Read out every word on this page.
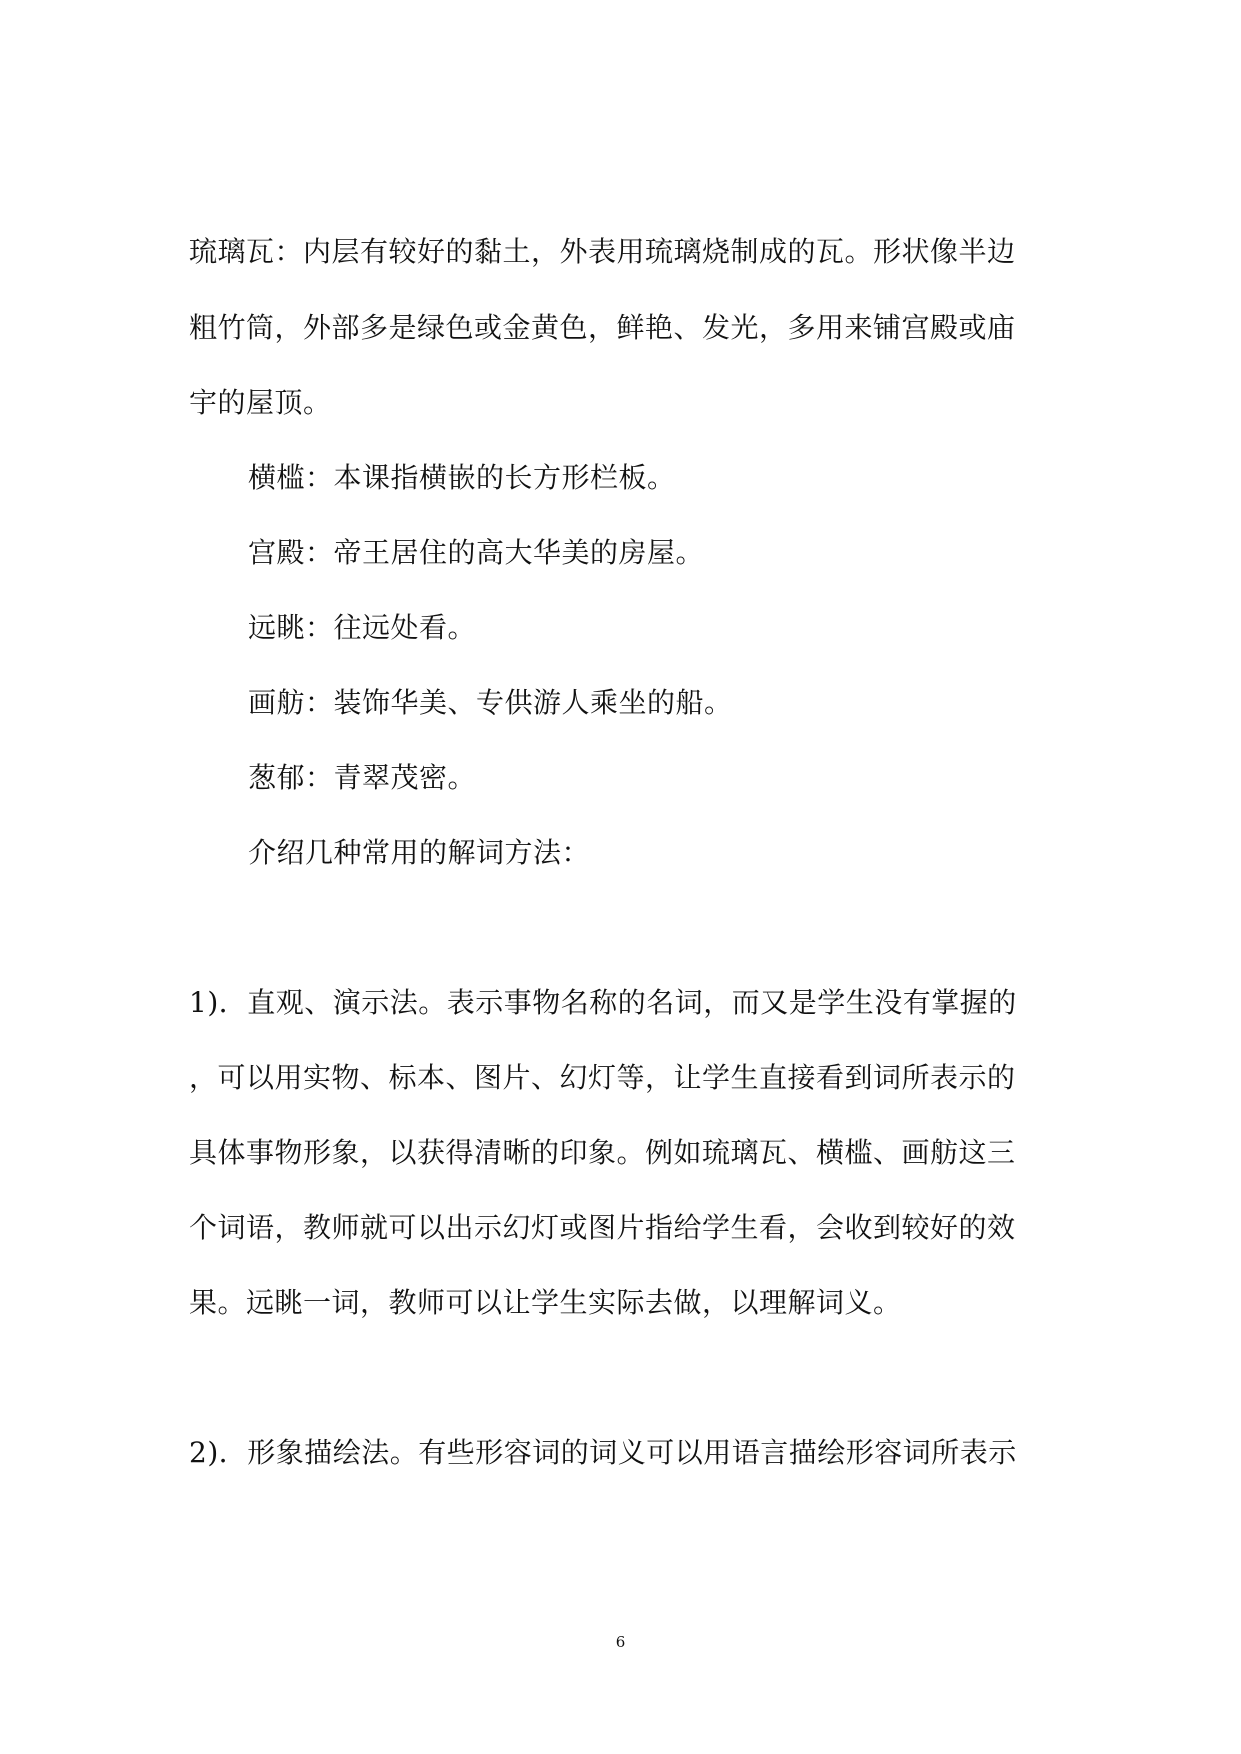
琉璃瓦：内层有较好的黏土，外表用琉璃烧制成的瓦。形状像半边
粗竹筒，外部多是绿色或金黄色，鲜艳、发光，多用来铺宫殿或庙
宇的屋顶。
横槛：本课指横嵌的长方形栏板。
宫殿：帝王居住的高大华美的房屋。
远眺：往远处看。
画舫：装饰华美、专供游人乘坐的船。
葱郁：青翠茂密。
介绍几种常用的解词方法：
1)．直观、演示法。表示事物名称的名词，而又是学生没有掌握的
，可以用实物、标本、图片、幻灯等，让学生直接看到词所表示的
具体事物形象，以获得清晰的印象。例如琉璃瓦、横槛、画舫这三
个词语，教师就可以出示幻灯或图片指给学生看，会收到较好的效
果。远眺一词，教师可以让学生实际去做，以理解词义。
2)．形象描绘法。有些形容词的词义可以用语言描绘形容词所表示
6
